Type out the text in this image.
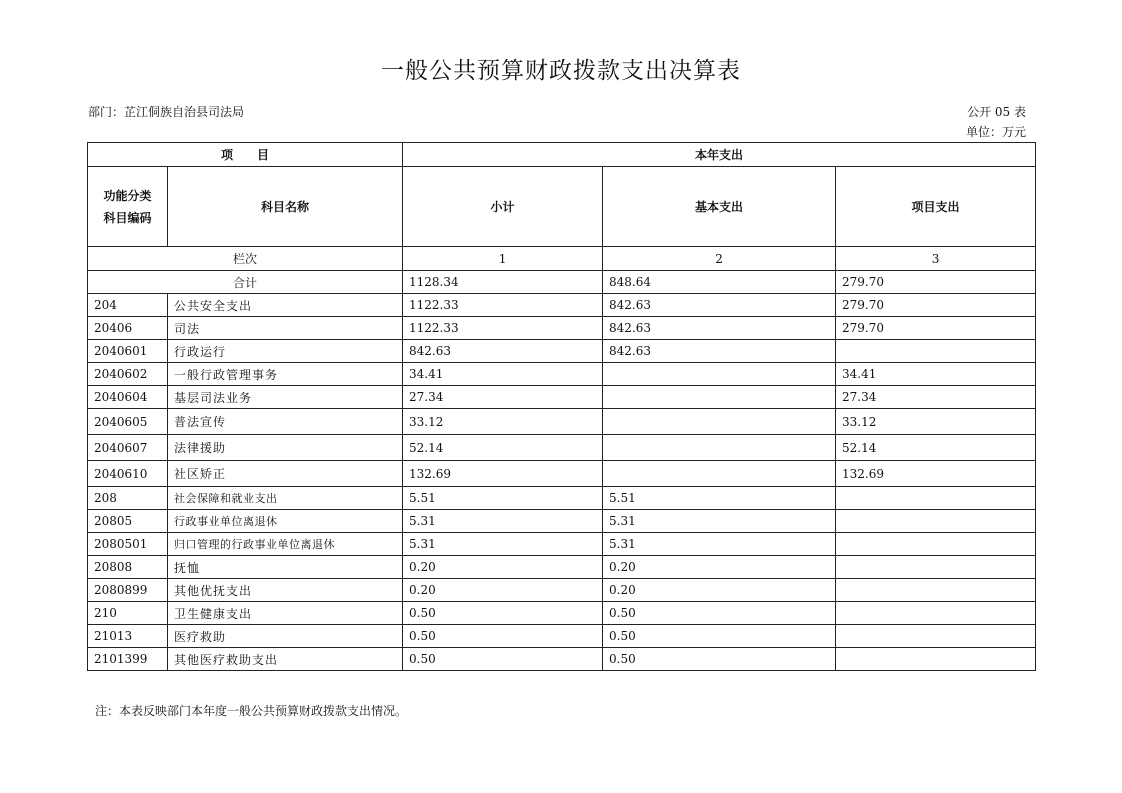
一般公共预算财政拨款支出决算表
部门：芷江侗族自治县司法局	公开 05 表
单位：万元
项　　目		本年支出		
功能分类
科目编码	科目名称	小计	基本支出	项目支出
栏次		1	2	3
合计		1128.34	848.64	279.70
204	公共安全支出	1122.33	842.63	279.70
20406	司法	1122.33	842.63	279.70
2040601	行政运行	842.63	842.63	
2040602	一般行政管理事务	34.41		34.41
2040604	基层司法业务	27.34		27.34
2040605	普法宣传	33.12		33.12
2040607	法律援助	52.14		52.14
2040610	社区矫正	132.69		132.69
208	社会保障和就业支出	5.51	5.51	
20805	行政事业单位离退休	5.31	5.31	
2080501	归口管理的行政事业单位离退休	5.31	5.31	
20808	抚恤	0.20	0.20	
2080899	其他优抚支出	0.20	0.20	
210	卫生健康支出	0.50	0.50	
21013	医疗救助	0.50	0.50	
2101399	其他医疗救助支出	0.50	0.50	
注：本表反映部门本年度一般公共预算财政拨款支出情况。
